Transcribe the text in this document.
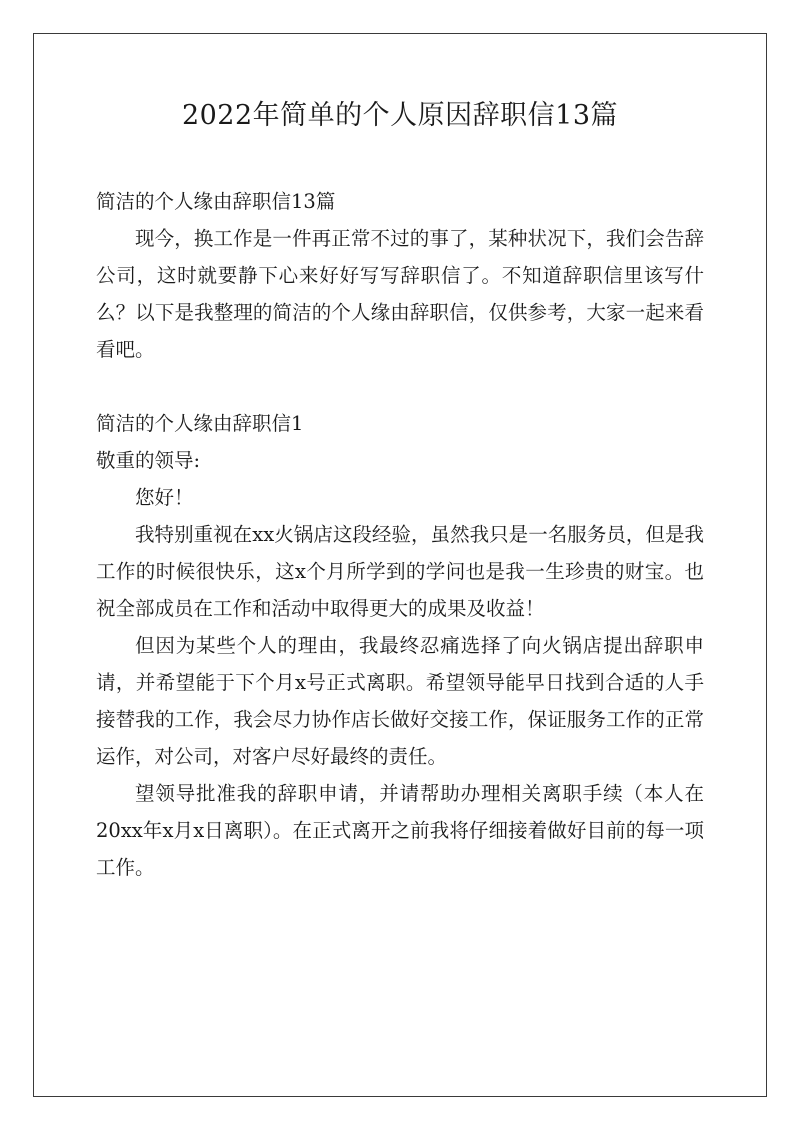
2022年简单的个人原因辞职信13篇

简洁的个人缘由辞职信13篇

现今，换工作是一件再正常不过的事了，某种状况下，我们会告辞公司，这时就要静下心来好好写写辞职信了。不知道辞职信里该写什么？以下是我整理的简洁的个人缘由辞职信，仅供参考，大家一起来看看吧。

简洁的个人缘由辞职信1

敬重的领导:

您好！

我特别重视在xx火锅店这段经验，虽然我只是一名服务员，但是我工作的时候很快乐，这x个月所学到的学问也是我一生珍贵的财宝。也祝全部成员在工作和活动中取得更大的成果及收益！

但因为某些个人的理由，我最终忍痛选择了向火锅店提出辞职申请，并希望能于下个月x号正式离职。希望领导能早日找到合适的人手接替我的工作，我会尽力协作店长做好交接工作，保证服务工作的正常运作，对公司，对客户尽好最终的责任。

望领导批准我的辞职申请，并请帮助办理相关离职手续（本人在20xx年x月x日离职）。在正式离开之前我将仔细接着做好目前的每一项工作。
